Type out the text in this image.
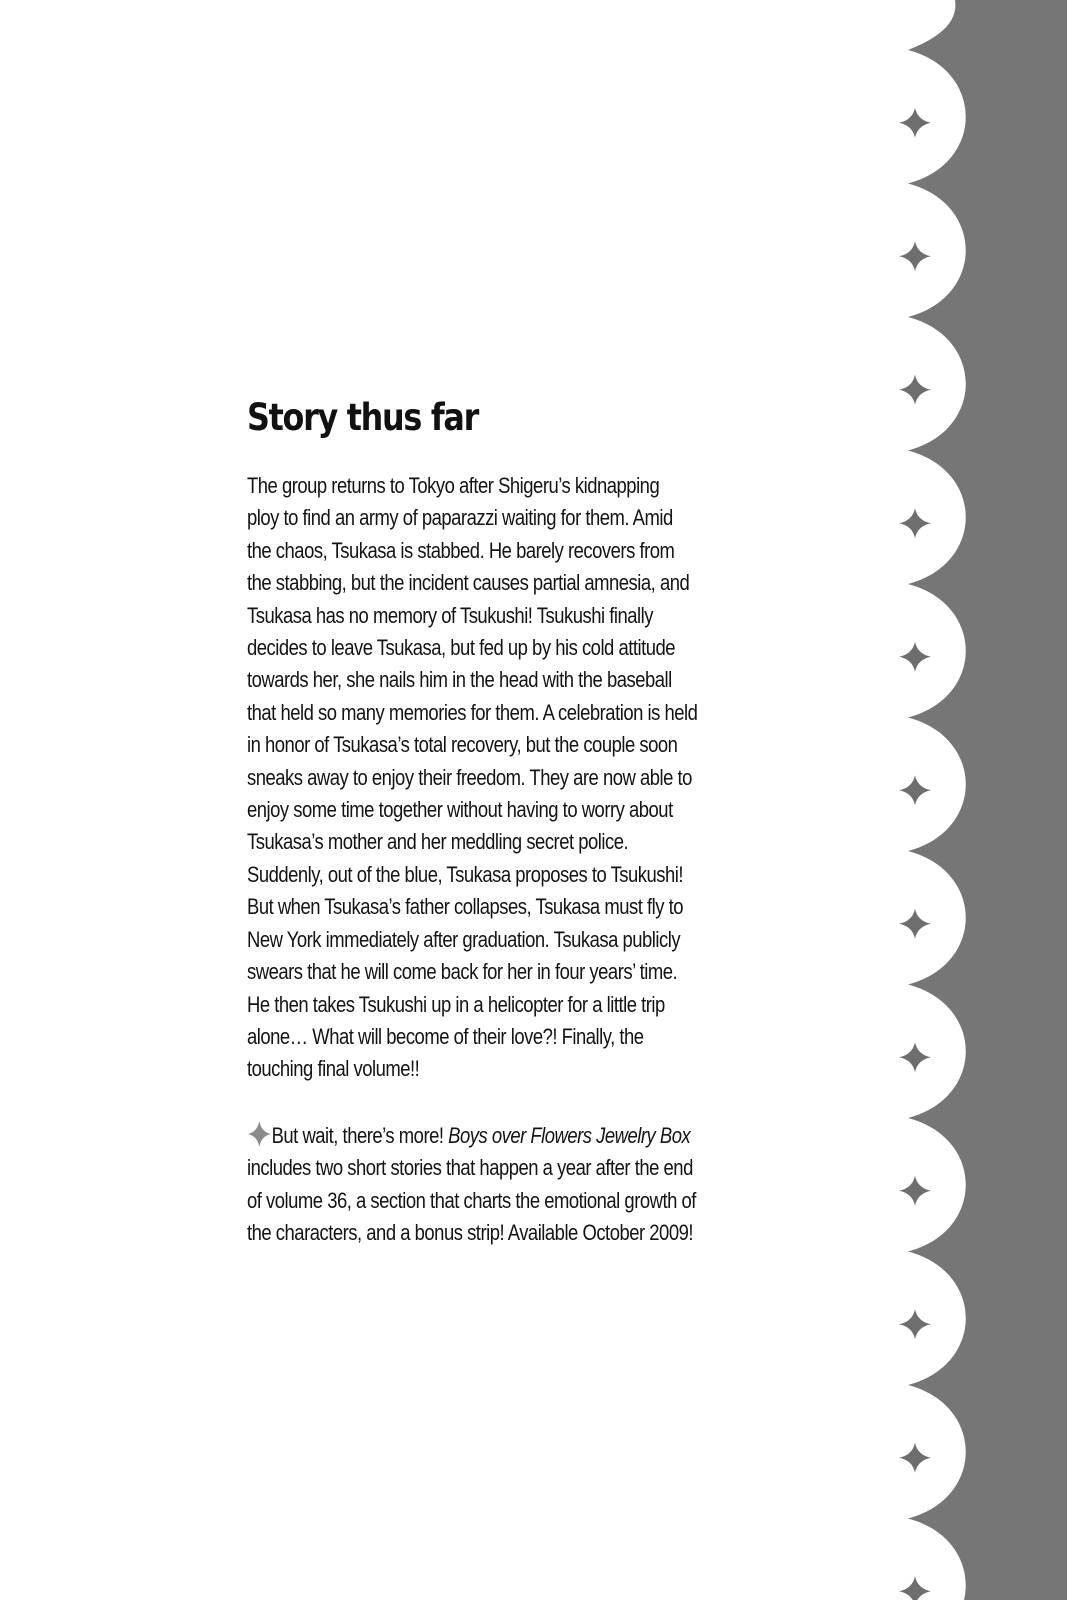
Story thus far
The group returns to Tokyo after Shigeru’s kidnapping
ploy to find an army of paparazzi waiting for them. Amid
the chaos, Tsukasa is stabbed. He barely recovers from
the stabbing, but the incident causes partial amnesia, and
Tsukasa has no memory of Tsukushi! Tsukushi finally
decides to leave Tsukasa, but fed up by his cold attitude
towards her, she nails him in the head with the baseball
that held so many memories for them. A celebration is held
in honor of Tsukasa’s total recovery, but the couple soon
sneaks away to enjoy their freedom. They are now able to
enjoy some time together without having to worry about
Tsukasa’s mother and her meddling secret police.
Suddenly, out of the blue, Tsukasa proposes to Tsukushi!
But when Tsukasa’s father collapses, Tsukasa must fly to
New York immediately after graduation. Tsukasa publicly
swears that he will come back for her in four years’ time.
He then takes Tsukushi up in a helicopter for a little trip
alone… What will become of their love?! Finally, the
touching final volume!!
But wait, there’s more! Boys over Flowers Jewelry Box
includes two short stories that happen a year after the end
of volume 36, a section that charts the emotional growth of
the characters, and a bonus strip! Available October 2009!
